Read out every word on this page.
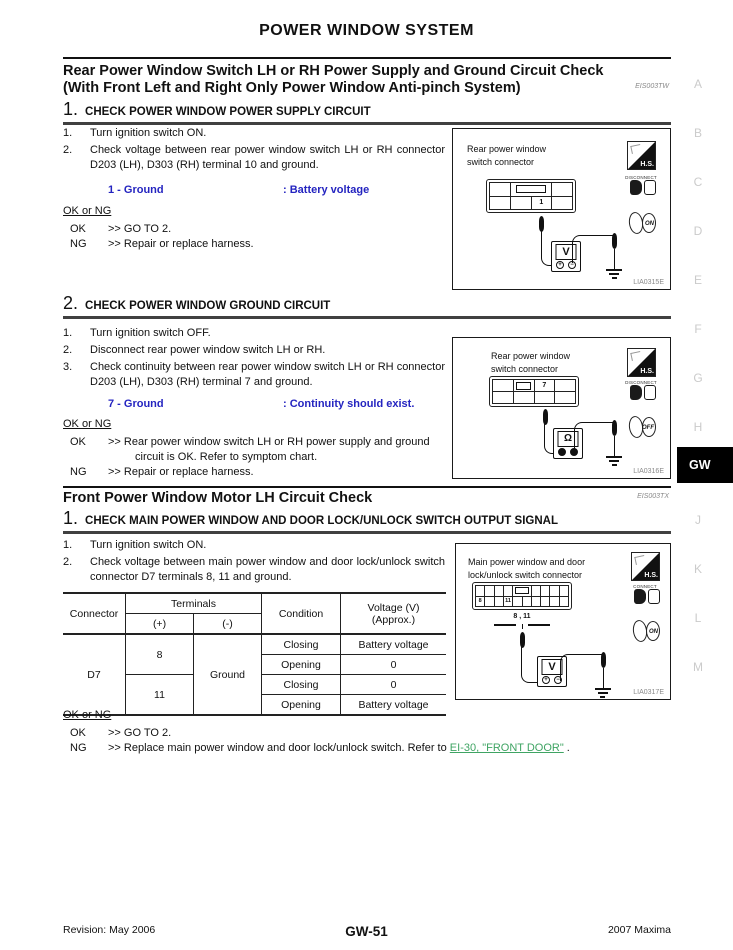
POWER WINDOW SYSTEM
Rear Power Window Switch LH or RH Power Supply and Ground Circuit Check
(With Front Left and Right Only Power Window Anti-pinch System)	EIS003TW
1. CHECK POWER WINDOW POWER SUPPLY CIRCUIT
1.	Turn ignition switch ON.
2.	Check voltage between rear power window switch LH or RH connector D203 (LH), D303 (RH) terminal 10 and ground.
1 - Ground	: Battery voltage
OK or NG
OK	>> GO TO 2.
NG	>> Repair or replace harness.
Rear power window
switch connector
1
V
+	−
H.S.
DISCONNECT
ON
LIA0315E
2. CHECK POWER WINDOW GROUND CIRCUIT
1.	Turn ignition switch OFF.
2.	Disconnect rear power window switch LH or RH.
3.	Check continuity between rear power window switch LH or RH connector D203 (LH), D303 (RH) terminal 7 and ground.
7 - Ground	: Continuity should exist.
OK or NG
OK	>> Rear power window switch LH or RH power supply and ground circuit is OK. Refer to symptom chart.
NG	>> Repair or replace harness.
Rear power window
switch connector
7
Ω
H.S.
DISCONNECT
OFF
LIA0316E
Front Power Window Motor LH Circuit Check	EIS003TX
1. CHECK MAIN POWER WINDOW AND DOOR LOCK/UNLOCK SWITCH OUTPUT SIGNAL
1.	Turn ignition switch ON.
2.	Check voltage between main power window and door lock/unlock switch connector D7 terminals 8, 11 and ground.
Connector	Terminals		Condition	Voltage (V)
(Approx.)

	(+)	(-)		
D7	8	Ground	Closing	Battery voltage
			Opening	0
	11		Closing	0
			Opening	Battery voltage
Main power window and door
lock/unlock switch connector
8	11
8 , 11
V
+	−
H.S.
CONNECT
ON
LIA0317E
OK or NG
OK	>> GO TO 2.
NG	>> Replace main power window and door lock/unlock switch. Refer to EI-30, "FRONT DOOR" .
A
B
C
D
E
F
G
H
GW
J
K
L
M
GW-51
Revision: May 2006	2007 Maxima
